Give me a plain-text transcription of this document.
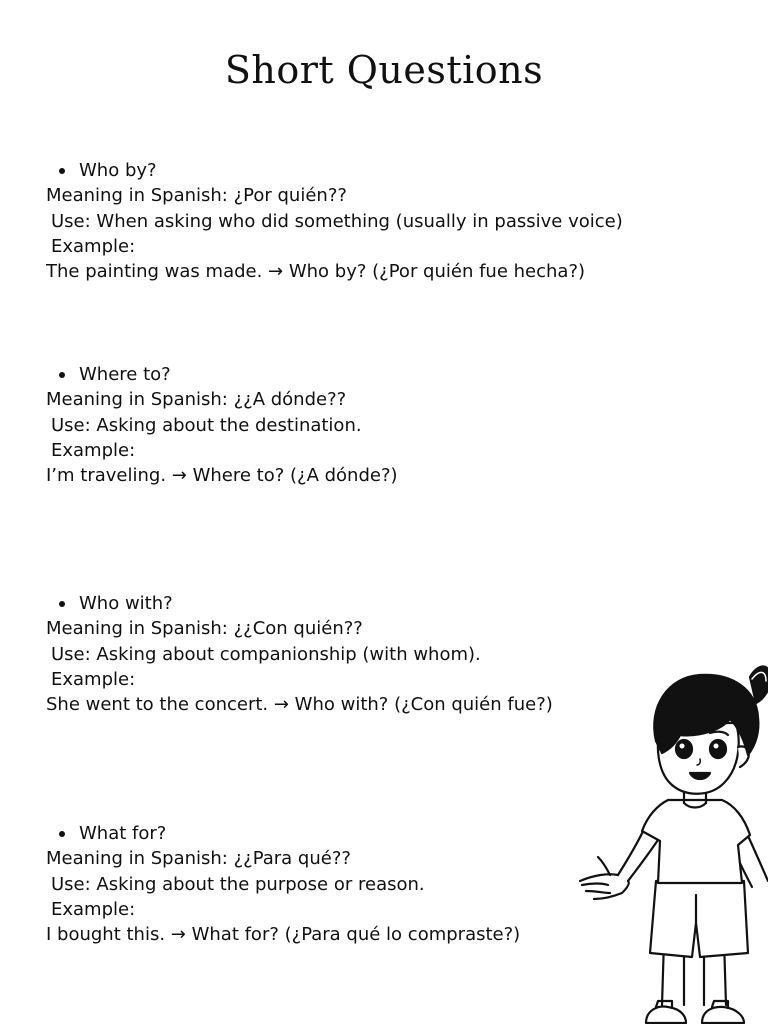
Short Questions
Who by?
Meaning in Spanish: ¿Por quién??
Use: When asking who did something (usually in passive voice)
Example:
The painting was made. → Who by? (¿Por quién fue hecha?)
Where to?
Meaning in Spanish: ¿¿A dónde??
Use: Asking about the destination.
Example:
I’m traveling. → Where to? (¿A dónde?)
Who with?
Meaning in Spanish: ¿¿Con quién??
Use: Asking about companionship (with whom).
Example:
She went to the concert. → Who with? (¿Con quién fue?)
What for?
Meaning in Spanish: ¿¿Para qué??
Use: Asking about the purpose or reason.
Example:
I bought this. → What for? (¿Para qué lo compraste?)
